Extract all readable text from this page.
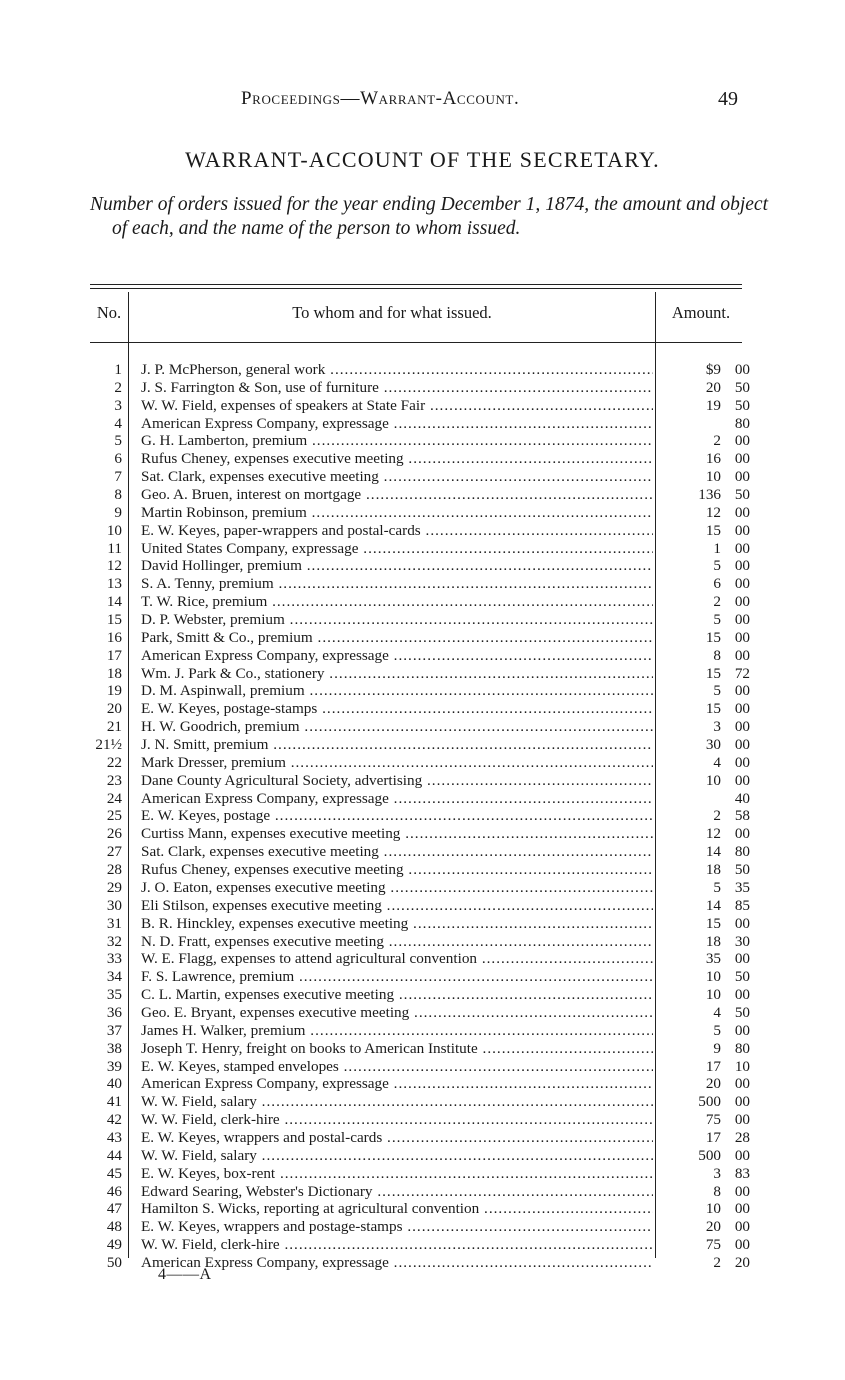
Proceedings—Warrant-Account.	49
WARRANT-ACCOUNT OF THE SECRETARY.
Number of orders issued for the year ending December 1, 1874, the amount and object of each, and the name of the person to whom issued.
No.	To whom and for what issued.	Amount.
1 J. P. McPherson, general work .....	$9 00
2 J. S. Farrington & Son, use of furniture .....	20 50
3 W. W. Field, expenses of speakers at State Fair .....	19 50
4 American Express Company, expressage .....	80
5 G. H. Lamberton, premium .....	2 00
6 Rufus Cheney, expenses executive meeting .....	16 00
7 Sat. Clark, expenses executive meeting .....	10 00
8 Geo. A. Bruen, interest on mortgage .....	136 50
9 Martin Robinson, premium .....	12 00
10 E. W. Keyes, paper-wrappers and postal-cards .....	15 00
11 United States Company, expressage .....	1 00
12 David Hollinger, premium .....	5 00
13 S. A. Tenny, premium .....	6 00
14 T. W. Rice, premium .....	2 00
15 D. P. Webster, premium .....	5 00
16 Park, Smitt & Co., premium .....	15 00
17 American Express Company, expressage .....	8 00
18 Wm. J. Park & Co., stationery .....	15 72
19 D. M. Aspinwall, premium .....	5 00
20 E. W. Keyes, postage-stamps .....	15 00
21 H. W. Goodrich, premium .....	3 00
21½ J. N. Smitt, premium .....	30 00
22 Mark Dresser, premium .....	4 00
23 Dane County Agricultural Society, advertising .....	10 00
24 American Express Company, expressage .....	40
25 E. W. Keyes, postage .....	2 58
26 Curtiss Mann, expenses executive meeting .....	12 00
27 Sat. Clark, expenses executive meeting .....	14 80
28 Rufus Cheney, expenses executive meeting .....	18 50
29 J. O. Eaton, expenses executive meeting .....	5 35
30 Eli Stilson, expenses executive meeting .....	14 85
31 B. R. Hinckley, expenses executive meeting .....	15 00
32 N. D. Fratt, expenses executive meeting .....	18 30
33 W. E. Flagg, expenses to attend agricultural convention .....	35 00
34 F. S. Lawrence, premium .....	10 50
35 C. L. Martin, expenses executive meeting .....	10 00
36 Geo. E. Bryant, expenses executive meeting .....	4 50
37 James H. Walker, premium .....	5 00
38 Joseph T. Henry, freight on books to American Institute .....	9 80
39 E. W. Keyes, stamped envelopes .....	17 10
40 American Express Company, expressage .....	20 00
41 W. W. Field, salary .....	500 00
42 W. W. Field, clerk-hire .....	75 00
43 E. W. Keyes, wrappers and postal-cards .....	17 28
44 W. W. Field, salary .....	500 00
45 E. W. Keyes, box-rent .....	3 83
46 Edward Searing, Webster's Dictionary .....	8 00
47 Hamilton S. Wicks, reporting at agricultural convention .....	10 00
48 E. W. Keyes, wrappers and postage-stamps .....	20 00
49 W. W. Field, clerk-hire .....	75 00
50 American Express Company, expressage .....	2 20
4——A
